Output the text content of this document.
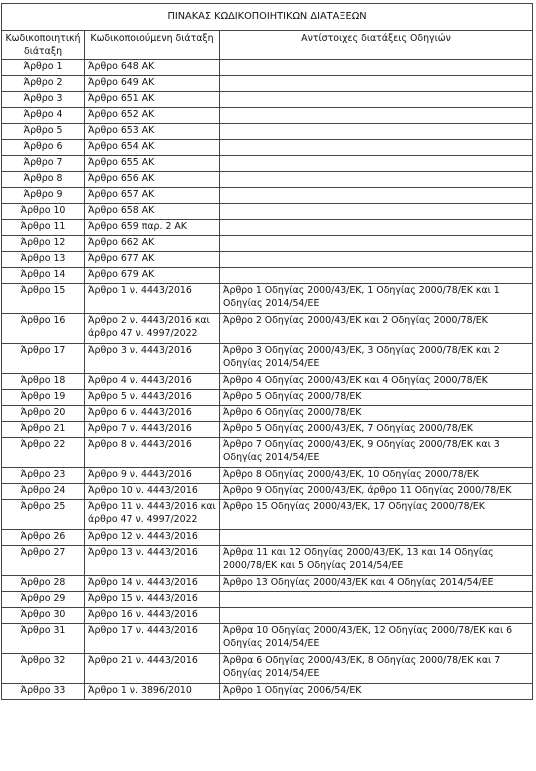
ΠΙΝΑΚΑΣ ΚΩΔΙΚΟΠΟΙΗΤΙΚΩΝ ΔΙΑΤΑΞΕΩΝ		
Κωδικοποιητική διάταξη	Κωδικοποιούμενη διάταξη	Αντίστοιχες διατάξεις Οδηγιών
Άρθρο 1	Άρθρο 648 ΑΚ	
Άρθρο 2	Άρθρο 649 ΑΚ	
Άρθρο 3	Άρθρο 651 ΑΚ	
Άρθρο 4	Άρθρο 652 ΑΚ	
Άρθρο 5	Άρθρο 653 ΑΚ	
Άρθρο 6	Άρθρο 654 ΑΚ	
Άρθρο 7	Άρθρο 655 ΑΚ	
Άρθρο 8	Άρθρο 656 ΑΚ	
Άρθρο 9	Άρθρο 657 ΑΚ	
Άρθρο 10	Άρθρο 658 ΑΚ	
Άρθρο 11	Άρθρο 659 παρ. 2 ΑΚ	
Άρθρο 12	Άρθρο 662 ΑΚ	
Άρθρο 13	Άρθρο 677 ΑΚ	
Άρθρο 14	Άρθρο 679 ΑΚ	
Άρθρο 15	Άρθρο 1 ν. 4443/2016	Άρθρο 1 Οδηγίας 2000/43/ΕΚ, 1 Οδηγίας 2000/78/ΕΚ και 1 Οδηγίας 2014/54/ΕΕ
Άρθρο 16	Άρθρο 2 ν. 4443/2016 και άρθρο 47 ν. 4997/2022	Άρθρο 2 Οδηγίας 2000/43/ΕΚ και 2 Οδηγίας 2000/78/ΕΚ
Άρθρο 17	Άρθρο 3 ν. 4443/2016	Άρθρο 3 Οδηγίας 2000/43/ΕΚ, 3 Οδηγίας 2000/78/ΕΚ και 2 Οδηγίας 2014/54/ΕΕ
Άρθρο 18	Άρθρο 4 ν. 4443/2016	Άρθρο 4 Οδηγίας 2000/43/ΕΚ και 4 Οδηγίας 2000/78/ΕΚ
Άρθρο 19	Άρθρο 5 ν. 4443/2016	Άρθρο 5 Οδηγίας 2000/78/ΕΚ
Άρθρο 20	Άρθρο 6 ν. 4443/2016	Άρθρο 6 Οδηγίας 2000/78/ΕΚ
Άρθρο 21	Άρθρο 7 ν. 4443/2016	Άρθρο 5 Οδηγίας 2000/43/ΕΚ, 7 Οδηγίας 2000/78/ΕΚ
Άρθρο 22	Άρθρο 8 ν. 4443/2016	Άρθρο 7 Οδηγίας 2000/43/ΕΚ, 9 Οδηγίας 2000/78/ΕΚ και 3 Οδηγίας 2014/54/ΕΕ
Άρθρο 23	Άρθρο 9 ν. 4443/2016	Άρθρο 8 Οδηγίας 2000/43/ΕΚ, 10 Οδηγίας 2000/78/ΕΚ
Άρθρο 24	Άρθρο 10 ν. 4443/2016	Άρθρο 9 Οδηγίας 2000/43/ΕΚ, άρθρο 11 Οδηγίας 2000/78/ΕΚ
Άρθρο 25	Άρθρο 11 ν. 4443/2016 και άρθρο 47 ν. 4997/2022	Άρθρο 15 Οδηγίας 2000/43/ΕΚ, 17 Οδηγίας 2000/78/ΕΚ
Άρθρο 26	Άρθρο 12 ν. 4443/2016	
Άρθρο 27	Άρθρο 13 ν. 4443/2016	Άρθρα 11 και 12 Οδηγίας 2000/43/ΕΚ, 13 και 14 Οδηγίας 2000/78/ΕΚ και 5 Οδηγίας 2014/54/ΕΕ
Άρθρο 28	Άρθρο 14 ν. 4443/2016	Άρθρο 13 Οδηγίας 2000/43/ΕΚ και 4 Οδηγίας 2014/54/ΕΕ
Άρθρο 29	Άρθρο 15 ν. 4443/2016	
Άρθρο 30	Άρθρο 16 ν. 4443/2016	
Άρθρο 31	Άρθρο 17 ν. 4443/2016	Άρθρα 10 Οδηγίας 2000/43/ΕΚ, 12 Οδηγίας 2000/78/ΕΚ και 6 Οδηγίας 2014/54/ΕΕ
Άρθρο 32	Άρθρο 21 ν. 4443/2016	Άρθρα 6 Οδηγίας 2000/43/ΕΚ, 8 Οδηγίας 2000/78/ΕΚ και 7 Οδηγίας 2014/54/ΕΕ
Άρθρο 33	Άρθρο 1 ν. 3896/2010	Άρθρο 1 Οδηγίας 2006/54/ΕΚ
